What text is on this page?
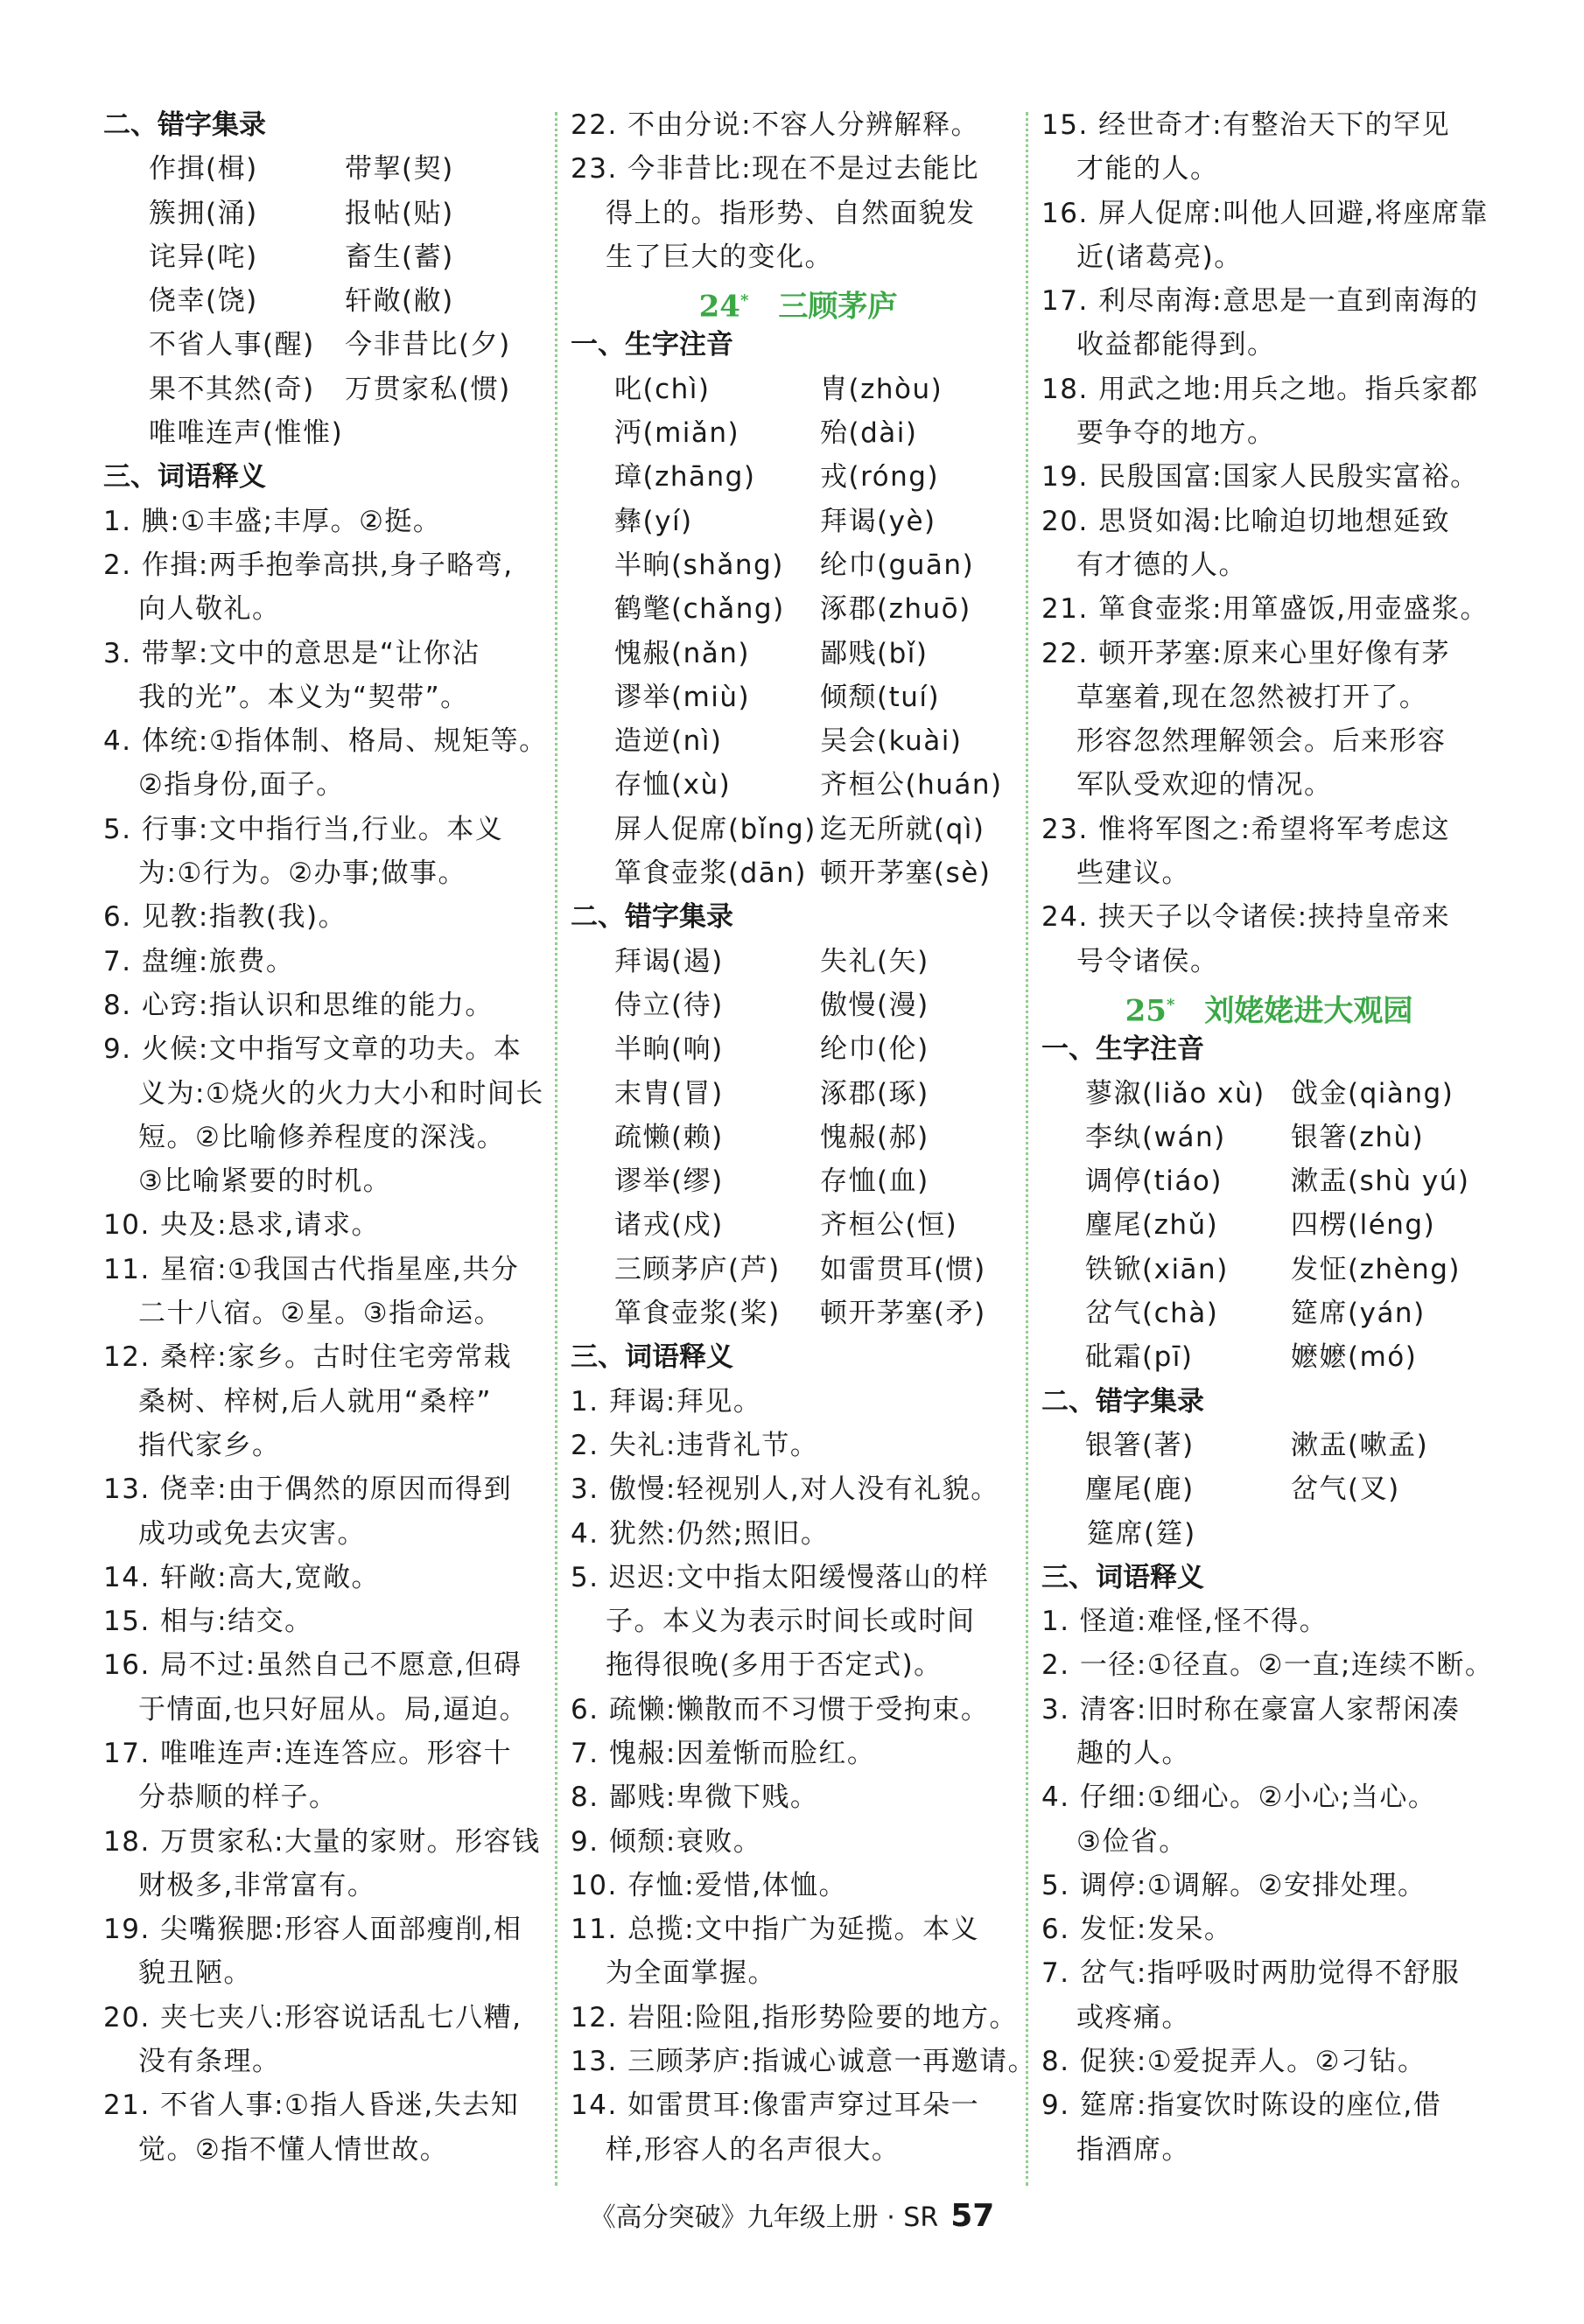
二、错字集录
作揖(楫)	带挈(契)
簇拥(涌)	报帖(贴)
诧异(咤)	畜生(蓄)
侥幸(饶)	轩敞(敝)
不省人事(醒)	今非昔比(夕)
果不其然(奇)	万贯家私(惯)
唯唯连声(惟惟)
三、词语释义
1. 腆:①丰盛;丰厚。②挺。
2. 作揖:两手抱拳高拱,身子略弯,
向人敬礼。
3. 带挈:文中的意思是“让你沾
我的光”。本义为“契带”。
4. 体统:①指体制、格局、规矩等。
②指身份,面子。
5. 行事:文中指行当,行业。本义
为:①行为。②办事;做事。
6. 见教:指教(我)。
7. 盘缠:旅费。
8. 心窍:指认识和思维的能力。
9. 火候:文中指写文章的功夫。本
义为:①烧火的火力大小和时间长
短。②比喻修养程度的深浅。
③比喻紧要的时机。
10. 央及:恳求,请求。
11. 星宿:①我国古代指星座,共分
二十八宿。②星。③指命运。
12. 桑梓:家乡。古时住宅旁常栽
桑树、梓树,后人就用“桑梓”
指代家乡。
13. 侥幸:由于偶然的原因而得到
成功或免去灾害。
14. 轩敞:高大,宽敞。
15. 相与:结交。
16. 局不过:虽然自己不愿意,但碍
于情面,也只好屈从。局,逼迫。
17. 唯唯连声:连连答应。形容十
分恭顺的样子。
18. 万贯家私:大量的家财。形容钱
财极多,非常富有。
19. 尖嘴猴腮:形容人面部瘦削,相
貌丑陋。
20. 夹七夹八:形容说话乱七八糟,
没有条理。
21. 不省人事:①指人昏迷,失去知
觉。②指不懂人情世故。
22. 不由分说:不容人分辨解释。
23. 今非昔比:现在不是过去能比
得上的。指形势、自然面貌发
生了巨大的变化。
24*  三顾茅庐
一、生字注音
叱(chì)	胄(zhòu)
沔(miǎn)	殆(dài)
璋(zhāng)	戎(róng)
彝(yí)	拜谒(yè)
半晌(shǎng)	纶巾(guān)
鹤氅(chǎng)	涿郡(zhuō)
愧赧(nǎn)	鄙贱(bǐ)
谬举(miù)	倾颓(tuí)
造逆(nì)	吴会(kuài)
存恤(xù)	齐桓公(huán)
屏人促席(bǐng) 迄无所就(qì)
箪食壶浆(dān) 顿开茅塞(sè)
二、错字集录
拜谒(遏)	失礼(矢)
侍立(待)	傲慢(漫)
半晌(响)	纶巾(伦)
末胄(冒)	涿郡(琢)
疏懒(赖)	愧赧(郝)
谬举(缪)	存恤(血)
诸戎(戍)	齐桓公(恒)
三顾茅庐(芦)	如雷贯耳(惯)
箪食壶浆(桨)	顿开茅塞(矛)
三、词语释义
1. 拜谒:拜见。
2. 失礼:违背礼节。
3. 傲慢:轻视别人,对人没有礼貌。
4. 犹然:仍然;照旧。
5. 迟迟:文中指太阳缓慢落山的样
子。本义为表示时间长或时间
拖得很晚(多用于否定式)。
6. 疏懒:懒散而不习惯于受拘束。
7. 愧赧:因羞惭而脸红。
8. 鄙贱:卑微下贱。
9. 倾颓:衰败。
10. 存恤:爱惜,体恤。
11. 总揽:文中指广为延揽。本义
为全面掌握。
12. 岩阻:险阻,指形势险要的地方。
13. 三顾茅庐:指诚心诚意一再邀请。
14. 如雷贯耳:像雷声穿过耳朵一
样,形容人的名声很大。
15. 经世奇才:有整治天下的罕见
才能的人。
16. 屏人促席:叫他人回避,将座席靠
近(诸葛亮)。
17. 利尽南海:意思是一直到南海的
收益都能得到。
18. 用武之地:用兵之地。指兵家都
要争夺的地方。
19. 民殷国富:国家人民殷实富裕。
20. 思贤如渴:比喻迫切地想延致
有才德的人。
21. 箪食壶浆:用箪盛饭,用壶盛浆。
22. 顿开茅塞:原来心里好像有茅
草塞着,现在忽然被打开了。
形容忽然理解领会。后来形容
军队受欢迎的情况。
23. 惟将军图之:希望将军考虑这
些建议。
24. 挟天子以令诸侯:挟持皇帝来
号令诸侯。
25*  刘姥姥进大观园
一、生字注音
蓼溆(liǎo xù) 戗金(qiàng)
李纨(wán)	银箸(zhù)
调停(tiáo)	漱盂(shù yú)
麈尾(zhǔ)	四楞(léng)
铁锨(xiān)	发怔(zhèng)
岔气(chà)	筵席(yán)
砒霜(pī)	嬷嬷(mó)
二、错字集录
银箸(著)	漱盂(嗽孟)
麈尾(鹿)	岔气(叉)
筵席(筳)
三、词语释义
1. 怪道:难怪,怪不得。
2. 一径:①径直。②一直;连续不断。
3. 清客:旧时称在豪富人家帮闲凑
趣的人。
4. 仔细:①细心。②小心;当心。
③俭省。
5. 调停:①调解。②安排处理。
6. 发怔:发呆。
7. 岔气:指呼吸时两肋觉得不舒服
或疼痛。
8. 促狭:①爱捉弄人。②刁钻。
9. 筵席:指宴饮时陈设的座位,借
指酒席。
《高分突破》九年级上册 · SR 57
